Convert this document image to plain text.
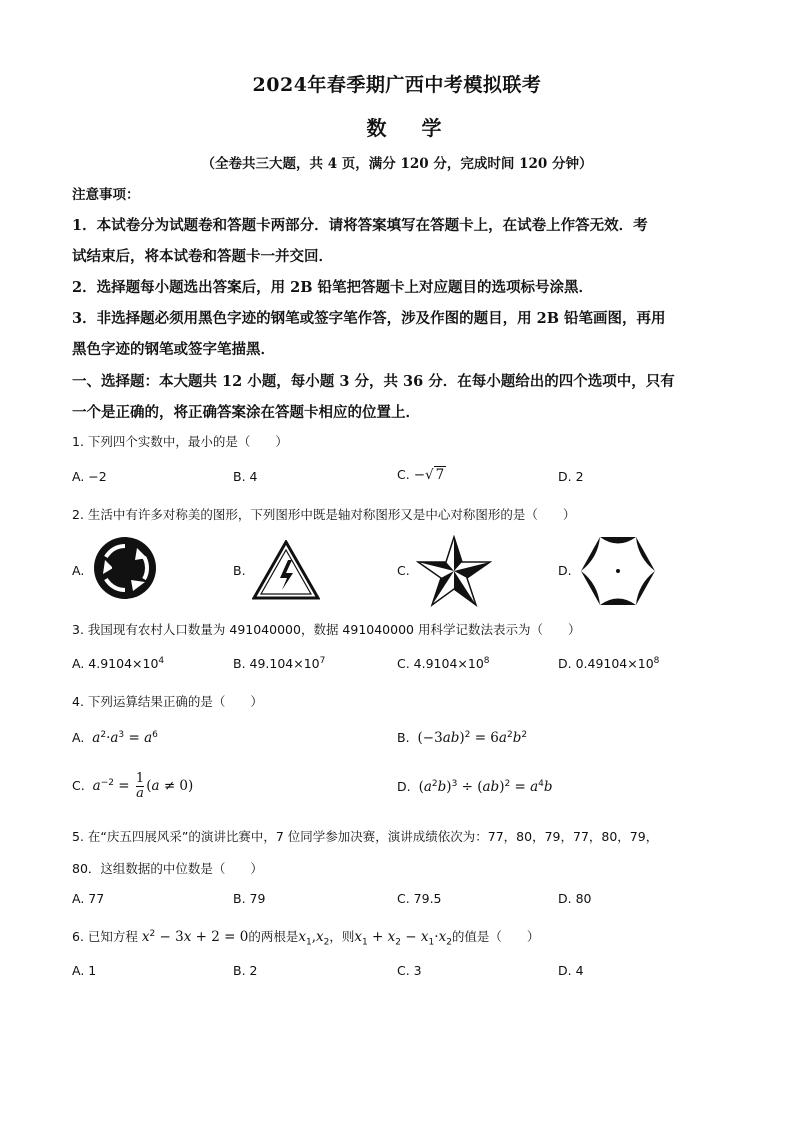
2024年春季期广西中考模拟联考
数 学
（全卷共三大题，共 4 页，满分 120 分，完成时间 120 分钟）
注意事项：
1．本试卷分为试题卷和答题卡两部分．请将答案填写在答题卡上，在试卷上作答无效．考
试结束后，将本试卷和答题卡一并交回．
2．选择题每小题选出答案后，用 2B 铅笔把答题卡上对应题目的选项标号涂黑．
3．非选择题必须用黑色字迹的钢笔或签字笔作答，涉及作图的题目，用 2B 铅笔画图，再用
黑色字迹的钢笔或签字笔描黑．
一、选择题：本大题共 12 小题，每小题 3 分，共 36 分．在每小题给出的四个选项中，只有
一个是正确的，将正确答案涂在答题卡相应的位置上．
1. 下列四个实数中，最小的是（　　）
A. −2	B. 4	C. −√ 7	D. 2
2. 生活中有许多对称美的图形，下列图形中既是轴对称图形又是中心对称图形的是（　　）
A.	B.	C.	D.
3. 我国现有农村人口数量为 491040000，数据 491040000 用科学记数法表示为（　　）
A. $4.9104\times 10^4$	B. $49.104\times 10^7$	C. $4.9104\times 10^8$	D. $0.49104\times 10^8$
4. 下列运算结果正确的是（　　）
A. $a^2\cdot a^3 = a^6$	B. $(-3ab)^2 = 6a^2b^2$
C. $a^{-2} = \frac{1}{a} (a \ne 0)$	D. $(a^2b)^3 \div (ab)^2 = a^4b$
5. 在“庆五四展风采”的演讲比赛中，7 位同学参加决赛，演讲成绩依次为：77，80，79，77，80，79，
80．这组数据的中位数是（　　）
A. 77	B. 79	C. 79.5	D. 80
6. 已知方程 $x^2 - 3x + 2 = 0$的两根是$x_1,x_2$，则$x_1 + x_2 - x_1\cdot x_2$的值是（　　）
A. 1	B. 2	C. 3	D. 4
